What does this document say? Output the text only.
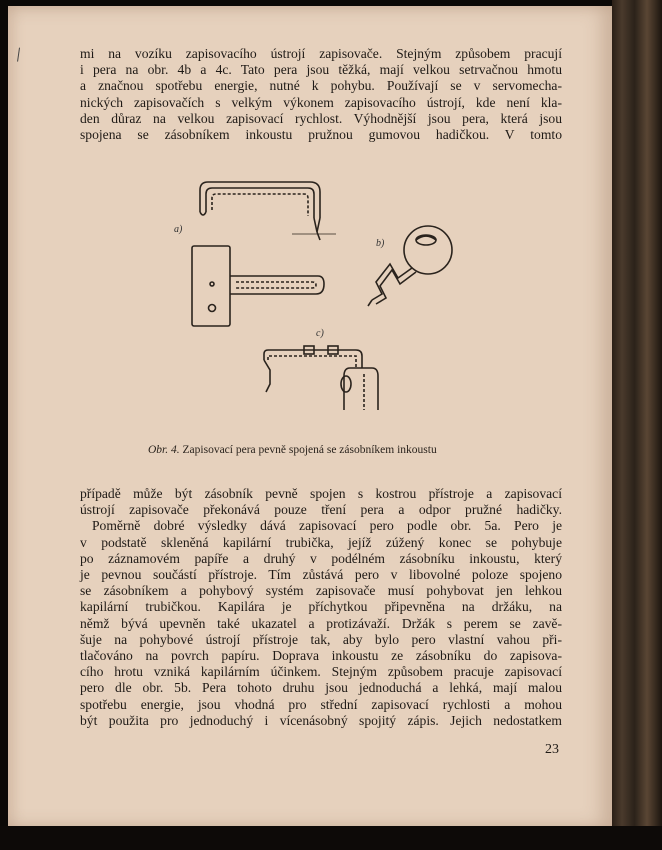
mi na vozíku zapisovacího ústrojí zapisovače. Stejným způsobem pracují
i pera na obr. 4b a 4c. Tato pera jsou těžká, mají velkou setrvačnou hmotu
a značnou spotřebu energie, nutné k pohybu. Používají se v servomecha-
nických zapisovačích s velkým výkonem zapisovacího ústrojí, kde není kla-
den důraz na velkou zapisovací rychlost. Výhodnější jsou pera, která jsou
spojena se zásobníkem inkoustu pružnou gumovou hadičkou. V tomto

a)
b)
c)
Obr. 4. Zapisovací pera pevně spojená se zásobníkem inkoustu

případě může být zásobník pevně spojen s kostrou přístroje a zapisovací
ústrojí zapisovače překonává pouze tření pera a odpor pružné hadičky.
Poměrně dobré výsledky dává zapisovací pero podle obr. 5a. Pero je
v podstatě skleněná kapilární trubička, jejíž zúžený konec se pohybuje
po záznamovém papíře a druhý v podélném zásobníku inkoustu, který
je pevnou součástí přístroje. Tím zůstává pero v libovolné poloze spojeno
se zásobníkem a pohybový systém zapisovače musí pohybovat jen lehkou
kapilární trubičkou. Kapilára je příchytkou připevněna na držáku, na
němž bývá upevněn také ukazatel a protizávaží. Držák s perem se zavě-
šuje na pohybové ústrojí přístroje tak, aby bylo pero vlastní vahou při-
tlačováno na povrch papíru. Doprava inkoustu ze zásobníku do zapisova-
cího hrotu vzniká kapilárním účinkem. Stejným způsobem pracuje zapisovací
pero dle obr. 5b. Pera tohoto druhu jsou jednoduchá a lehká, mají malou
spotřebu energie, jsou vhodná pro střední zapisovací rychlosti a mohou
být použita pro jednoduchý i vícenásobný spojitý zápis. Jejich nedostatkem

23
